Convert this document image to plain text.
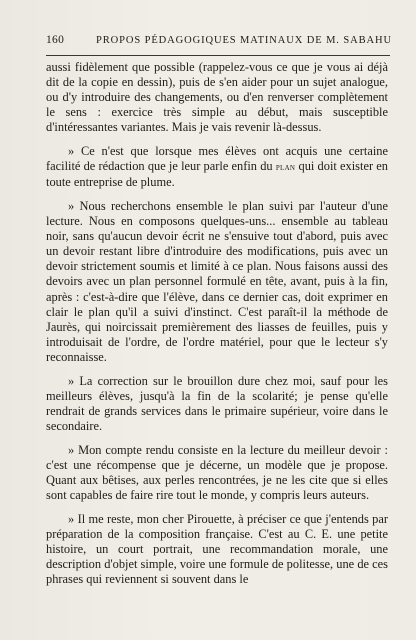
160	PROPOS PÉDAGOGIQUES MATINAUX DE M. SABAHU

aussi fidèlement que possible (rappelez-vous ce que je vous ai déjà dit de la copie en dessin), puis de s'en aider pour un sujet analogue, ou d'y introduire des changements, ou d'en renverser complètement le sens : exercice très simple au début, mais susceptible d'intéressantes variantes. Mais je vais revenir là-dessus.

» Ce n'est que lorsque mes élèves ont acquis une certaine facilité de rédaction que je leur parle enfin du plan qui doit exister en toute entreprise de plume.

» Nous recherchons ensemble le plan suivi par l'auteur d'une lecture. Nous en composons quelques-uns... ensemble au tableau noir, sans qu'aucun devoir écrit ne s'ensuive tout d'abord, puis avec un devoir restant libre d'introduire des modifications, puis avec un devoir strictement soumis et limité à ce plan. Nous faisons aussi des devoirs avec un plan personnel formulé en tête, avant, puis à la fin, après : c'est-à-dire que l'élève, dans ce dernier cas, doit exprimer en clair le plan qu'il a suivi d'instinct. C'est paraît-il la méthode de Jaurès, qui noircissait premièrement des liasses de feuilles, puis y introduisait de l'ordre, de l'ordre matériel, pour que le lecteur s'y reconnaisse.

» La correction sur le brouillon dure chez moi, sauf pour les meilleurs élèves, jusqu'à la fin de la scolarité; je pense qu'elle rendrait de grands services dans le primaire supérieur, voire dans le secondaire.

» Mon compte rendu consiste en la lecture du meilleur devoir : c'est une récompense que je décerne, un modèle que je propose. Quant aux bêtises, aux perles rencontrées, je ne les cite que si elles sont capables de faire rire tout le monde, y compris leurs auteurs.

» Il me reste, mon cher Pirouette, à préciser ce que j'entends par préparation de la composition française. C'est au C. E. une petite histoire, un court portrait, une recommandation morale, une description d'objet simple, voire une formule de politesse, une de ces phrases qui reviennent si souvent dans le
